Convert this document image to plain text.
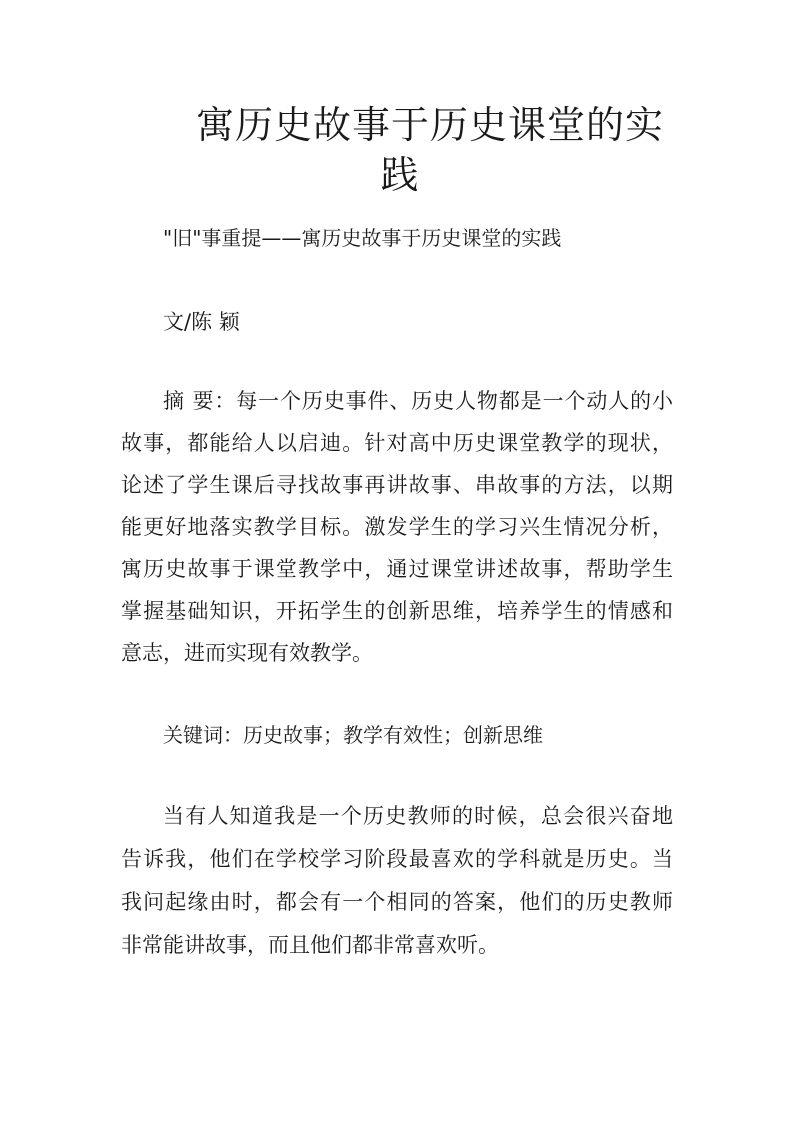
寓历史故事于历史课堂的实
践
"旧"事重提——寓历史故事于历史课堂的实践
文/陈 颖
摘 要：每一个历史事件、历史人物都是一个动人的小
故事，都能给人以启迪。针对高中历史课堂教学的现状，
论述了学生课后寻找故事再讲故事、串故事的方法，以期
能更好地落实教学目标。激发学生的学习兴生情况分析，
寓历史故事于课堂教学中，通过课堂讲述故事，帮助学生
掌握基础知识，开拓学生的创新思维，培养学生的情感和
意志，进而实现有效教学。
关键词：历史故事；教学有效性；创新思维
当有人知道我是一个历史教师的时候，总会很兴奋地
告诉我，他们在学校学习阶段最喜欢的学科就是历史。当
我问起缘由时，都会有一个相同的答案，他们的历史教师
非常能讲故事，而且他们都非常喜欢听。
